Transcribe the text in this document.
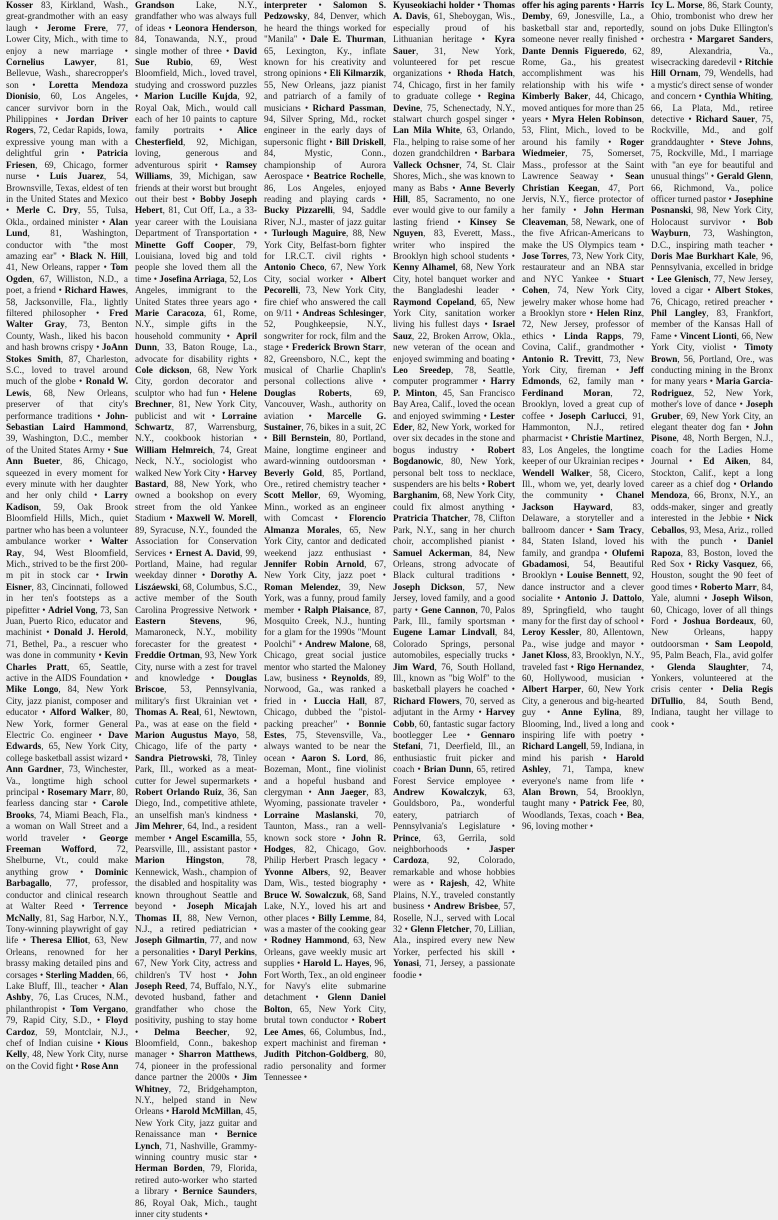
Kosser 83, Kirkland, Wash., great-grandmother with an easy laugh • Jerome Frere, 77, Lower City, Mich., with time to enjoy a new marriage • Cornelius Lawyer, 81, Bellevue, Wash., sharecropper's son • Loretta Mendoza Dionisio, 60, Los Angeles, cancer survivor born in the Philippines • Jordan Driver Rogers, 72, Cedar Rapids, Iowa, expressive young man with a delightful grin • Patricia Friesen, 69, Chicago, former nurse • Luis Juarez, 54, Brownsville, Texas, eldest of ten in the United States and Mexico • Merle C. Dry, 55, Tulsa, Okla., ordained minister • Alan Lund, 81, Washington, conductor with "the most amazing ear" • Black N. Hill, 41, New Orleans, rapper • Tom Ogden, 67, Williston, N.D., a poet, a friend • Richard Hawes, 58, Jacksonville, Fla., lightly filtered philosopher • Fred Walter Gray, 73, Benton County, Wash., liked his bacon and hash browns crispy • JoAnn Stokes Smith, 87, Charleston, S.C., loved to travel around much of the globe • Ronald W. Lewis, 68, New Orleans, preserver of that city's performance traditions • John-Sebastian Laird Hammond, 39, Washington, D.C., member of the United States Army • Sue Ann Bueter, 86, Chicago, squeezed in every moment for every minute with her daughter and her only child • Larry Kadison, 59, Oak Brook Bloomfield Hills, Mich., quiet partner who has been a volunteer ambulance worker • Walter Ray, 94, West Bloomfield, Mich., strived to be the first 200-m pit in stock car • Irwin Eisner, 83, Cincinnati, followed in her ten's footsteps as a pipefitter • Adriel Vong, 73, San Juan, Puerto Rico, educator and machinist • Donald J. Herold, 71, Bethel, Pa., a rescuer who was done in community • Kevin Charles Pratt, 65, Seattle, active in the AIDS Foundation • Mike Longo, 84, New York City, jazz pianist, composer and educator • Alford Walker, 80, New York, former General Electric Co. engineer • Dave Edwards, 65, New York City, college basketball assist wizard • Ann Gardner, 73, Winchester, Va., longtime high school principal • Rosemary Marr, 80, fearless dancing star • Carole Brooks, 74, Miami Beach, Fla., a woman on Wall Street and a world traveler • George Freeman Wofford, 72, Shelburne, Vt., could make anything grow • Dominic Barbagallo, 77, professor, conductor and clinical research at Walter Reed • Terrence McNally, 81, Sag Harbor, N.Y., Tony-winning playwright of gay life • Theresa Elliot, 63, New Orleans, renowned for her brassy making detailed pins and corsages • Sterling Madden, 66, Lake Bluff, Ill., teacher • Alan Ashby, 76, Las Cruces, N.M., philanthropist • Tom Vergano, 79, Rapid City, S.D., • Floyd Cardoz, 59, Montclair, N.J., chef of Indian cuisine • Kious Kelly, 48, New York City, nurse on the Covid fight • Rose Ann
Grandson Lake, N.Y., grandfather who was always full of ideas • Leonora Henderson, 84, Tonawanda, N.Y., proud single mother of three • David Sue Rubio, 69, West Bloomfield, Mich., loved travel, studying and crossword puzzles • Marion Lucille Kujda, 92, Royal Oak, Mich., would call each of her 10 paints to capture family portraits • Alice Chesterfield, 92, Michigan, loving, generous and adventurous spirit • Ramsey Williams, 39, Michigan, saw friends at their worst but brought out their best • Bobby Joseph Hebert, 81, Cut Off, La., a 33-year career with the Louisiana Department of Transportation • Minette Goff Cooper, 79, Louisiana, loved big and told people she loved them all the time • Josefina Arriaga, 52, Los Angeles, immigrant to the United States three years ago • Marie Caracoza, 61, Rome, N.Y., simple gifts in the household community • April Dunn, 33, Baton Rouge, La., advocate for disability rights • Cole dickson, 68, New York City, gordon decorator and sculptor who had fun • Helene Brechner, 81, New York City, publicist and wit • Lorraine Schwartz, 87, Warrensburg, N.Y., cookbook historian • William Helmreich, 74, Great Neck, N.Y., sociologist who walked New York City • Harvey Bastard, 88, New York, who owned a bookshop on every street from the old Yankee Stadium • Maxwell W. Morell, 89, Syracuse, N.Y., founded the Association for Conservation Services • Ernest A. David, 99, Portland, Maine, had regular weekday dinner • Dorothy A. Liszáewski, 68, Columbus, S.C., active member of the South Carolina Progressive Network • Eastern Stevens, 96, Mamaroneck, N.Y., mobility forecaster for the greatest • Freddie Ortman, 93, New York City, nurse with a zest for travel and knowledge • Douglas Briscoe, 53, Pennsylvania, military's first Ukrainian vet • Thomas A. Real, 61, Newtown, Pa., was at ease on the field • Marion Augustus Mayo, 58, Chicago, life of the party • Sandra Pietrowski, 78, Tinley Park, Ill., worked as a meat-cutter for Jewel supermarkets • Robert Orlando Ruiz, 36, San Diego, Ind., competitive athlete, an unselfish man's kindness • Jim Mehrer, 64, Ind., a resident member • Angel Escamilla, 55, Pearsville, Ill., assistant pastor • Marion Hingston, 78, Kennewick, Wash., champion of the disabled and hospitality was known throughout Seattle and beyond • Joseph Micajah Thomas II, 88, New Vernon, N.J., a retired pediatrician • Joseph Gilmartin, 77, and now a personalities • Daryl Perkins, 67, New York City, actress and children's TV host • John Joseph Reed, 74, Buffalo, N.Y., devoted husband, father and grandfather who chose the positivity, pushing to stay home • Delma Beecher, 92, Bloomfield, Conn., bakeshop manager • Sharron Matthews, 74, pioneer in the professional dance partner the 2000s • Jim Whitney, 72, Bridgehampton, N.Y., helped stand in New Orleans • Harold McMillan, 45, New York City, jazz guitar and Renaissance man • Bernice Lynch, 71, Nashville, Grammy-winning country music star • Herman Borden, 79, Florida, retired auto-worker who started a library • Bernice Saunders, 86, Royal Oak, Mich., taught inner city students •
interpreter • Salomon S. Pedzowsky, 84, Denver, which he heard the things worked for "Manila" • Dale E. Thurman, 65, Lexington, Ky., inflate known for his creativity and strong opinions • Eli Kilmarzik, 55, New Orleans, jazz pianist and patriarch of a family of musicians • Richard Passman, 94, Silver Spring, Md., rocket engineer in the early days of supersonic flight • Bill Driskell, 84, Mystic, Conn., championship of Aurora Aerospace • Beatrice Rochelle, 86, Los Angeles, enjoyed reading and playing cards • Bucky Pizzarelli, 94, Saddle River, N.J., master of jazz guitar • Turlough Maguire, 88, New York City, Belfast-born fighter for I.R.C.T. civil rights • Antonio Checo, 67, New York City, social worker • Albert Pecorelli, 73, New York City, fire chief who answered the call on 9/11 • Andreas Schlesinger, 52, Poughkeepsie, N.Y., songwriter for rock, film and the stage • Frederick Brown Starr, 82, Greensboro, N.C., kept the musical of Charlie Chaplin's personal collections alive • Douglas Roberts, 69, Vancouver, Wash., authority on aviation • Marcelle G. Sustainer, 76, bikes in a suit, 2C • Bill Bernstein, 80, Portland, Maine, longtime engineer and award-winning outdoorsman • Beverly Gold, 85, Portland, Ore., retired chemistry teacher • Scott Mellor, 69, Wyoming, Minn., worked as an engineer with Comcast • Florencio Almanza Morales, 65, New York City, cantor and dedicated weekend jazz enthusiast • Jennifer Robin Arnold, 67, New York City, jazz poet • Roman Melendez, 39, New York, was a funny, proud family member • Ralph Plaisance, 87, Mosquito Creek, N.J., hunting for a glam for the 1990s "Mount Poolchi" • Andrew Malone, 68, Chicago, great social justice mentor who started the Maloney Law, business • Reynolds, 89, Norwood, Ga., was ranked a fried in • Luccia Hall, 87, Chicago, dubbed the "pistol-packing preacher" • Bonnie Estes, 75, Stevensville, Va., always wanted to be near the ocean • Aaron S. Lord, 86, Bozeman, Mont., fine violinist and a hopeful husband and clergyman • Ann Jaeger, 83, Wyoming, passionate traveler • Lorraine Maslanski, 70, Taunton, Mass., ran a well-known sock store • John R. Hodges, 82, Chicago, Gov. Philip Herbert Prasch legacy • Yvonne Albers, 92, Beaver Dam, Wis., tested biography • Bruce W. Sowalczuk, 68, Sand Lake, N.Y., loved his art and other places • Billy Lemme, 84, was a master of the cooking gear • Rodney Hammond, 63, New Orleans, gave weekly music art supplies • Harold L. Hayes, 96, Fort Worth, Tex., an old engineer for Navy's elite submarine detachment • Glenn Daniel Bolton, 65, New York City, brutal town conductor • Robert Lee Ames, 66, Columbus, Ind., expert machinist and fireman • Judith Pitchon-Goldberg, 80, radio personality and former Tennessee •
Kyuseokiachi holder • Thomas A. Davis, 61, Sheboygan, Wis., especially proud of his Lithuanian heritage • Kyra Sauer, 31, New York, volunteered for pet rescue organizations • Rhoda Hatch, 74, Chicago, first in her family to graduate college • Regina Devine, 75, Schenectady, N.Y., stalwart church gospel singer • Lan Mila White, 63, Orlando, Fla., helping to raise some of her dozen grandchildren • Barbara Valleck Ochsner, 74, St. Clair Shores, Mich., she was known to many as Babs • Anne Beverly Hill, 85, Sacramento, no one ever would give to our family a lasting friend • Kinsey Se Nguyen, 83, Everett, Mass., writer who inspired the Brooklyn high school students • Kenny Alhamel, 68, New York City, hotel banquet worker and the Bangladeshi leader • Raymond Copeland, 65, New York City, sanitation worker living his fullest days • Israel Sauz, 22, Broken Arrow, Okla., new veteran of the ocean and enjoyed swimming and boating • Leo Sreedep, 78, Seattle, computer programmer • Harry P. Minton, 45, San Francisco Bay Area, Calif., loved the ocean and enjoyed swimming • Lester Eder, 82, New York, worked for over six decades in the stone and bogus industry • Robert Bogdanowic, 80, New York, personal belt toss to necklace, suspenders are his belts • Robert Barghanim, 68, New York City, could fix almost anything • Pratricia Thatcher, 78, Clifton Park, N.Y., sang in her church choir, accomplished pianist • Samuel Ackerman, 84, New Orleans, strong advocate of Black cultural traditions • Joseph Dickson, 57, New Jersey, loved family, and a good party • Gene Cannon, 70, Palos Park, Ill., family sportsman • Eugene Lamar Lindvall, 84, Colorado Springs, personal automobiles, especially trucks • Jim Ward, 76, South Holland, Ill., known as "big Wolf" to the basketball players he coached • Richard Flowers, 70, served as adjutant in the Army • Harvey Cobb, 60, fantastic sugar factory bootlegger Lee • Gennaro Stefani, 71, Deerfield, Ill., an enthusiastic fruit picker and coach • Brian Dunn, 65, retired Forest Service employee • Andrew Kowalczyk, 63, Gouldsboro, Pa., wonderful eatery, patriarch of Pennsylvania's Legislature • Prince, 63, Gerrila, sold neighborhoods • Jasper Cardoza, 92, Colorado, remarkable and whose hobbies were as • Rajesh, 42, White Plains, N.Y., traveled constantly business • Andrew Brisbee, 57, Roselle, N.J., served with Local 32 • Glenn Fletcher, 70, Lillian, Ala., inspired every new New Yorker, perfected his skill • Yonasi, 71, Jersey, a passionate foodie •
offer his aging parents • Harris Demby, 69, Jonesville, La., a basketball star and, reportedly, someone never really finished • Dante Dennis Figueredo, 62, Rome, Ga., his greatest accomplishment was his relationship with his wife • Kimberly Baker, 44, Chicago, moved antiques for more than 25 years • Myra Helen Robinson, 53, Flint, Mich., loved to be around his family • Roger Wiedmeier, 75, Somerset, Mass., professor at the Saint Lawrence Seaway • Sean Christian Keegan, 47, Port Jervis, N.Y., fierce protector of her family • John Herman Cleaveman, 58, Newark, one of the five African-Americans to make the US Olympics team • Jose Torres, 73, New York City, restaurateur and an NBA star and NYC Yankee • Stuart Cohen, 74, New York City, jewelry maker whose home had a Brooklyn store • Helen Rinz, 72, New Jersey, professor of ethics • Linda Rapps, 79, Covina, Calif., grandmother • Antonio R. Trevitt, 73, New York City, fireman • Jeff Edmonds, 62, family man • Ferdinand Moran, 72, Brooklyn, loved a great cup of coffee • Joseph Carlucci, 91, Hammonton, N.J., retired pharmacist • Christie Martinez, 83, Los Angeles, the longtime keeper of our Ukrainian recipes • Wendell Walker, 58, Cicero, Ill., whom we, yet, dearly loved the community • Chanel Jackson Hayward, 83, Delaware, a storyteller and a ballroom dancer • Sam Tracy, 84, Staten Island, loved his family, and grandpa • Olufemi Gbadamosi, 54, Beautiful Brooklyn • Louise Bennett, 92, dance instructor and a clever socialite • Antonio J. Dattolo, 89, Springfield, who taught many for the first day of school • Leroy Kessler, 80, Allentown, Pa., wise judge and mayor • Janet Kloss, 83, Brooklyn, N.Y., traveled fast • Rigo Hernandez, 60, Hollywood, musician • Albert Harper, 60, New York City, a generous and big-hearted guy • Anne Eylina, 89, Blooming, Ind., lived a long and inspiring life with poetry • Richard Langell, 59, Indiana, in mind his parish • Harold Ashley, 71, Tampa, knew everyone's name from life • Alan Brown, 54, Brooklyn, taught many • Patrick Fee, 80, Woodlands, Texas, coach • Bea, 96, loving mother •
Icy L. Morse, 86, Stark County, Ohio, trombonist who drew her sound on jobs Duke Ellington's orchestra • Margaret Sanders, 89, Alexandria, Va., wisecracking daredevil • Ritchie Hill Ornam, 79, Wendells, had a mystic's direct sense of wonder and concern • Cynthia Whiting, 66, La Plata, Md., retiree detective • Richard Sauer, 75, Rockville, Md., and golf granddaughter • Steve Johns, 75, Rockville, Md., I marriage with "an eye for beautiful and unusual things" • Gerald Glenn, 66, Richmond, Va., police officer turned pastor • Josephine Posnanski, 98, New York City, Holocaust survivor • Bob Wayburn, 73, Washington, D.C., inspiring math teacher • Doris Mae Burkhart Kale, 96, Pennsylvania, excelled in bridge • Lee Glenisch, 77, New Jersey, loved a cigar • Albert Stokes, 76, Chicago, retired preacher • Phil Langley, 83, Frankfort, member of the Kansas Hall of Fame • Vincent Lionti, 66, New York City, violist • Timoty Brown, 56, Portland, Ore., was conducting mining in the Bronx for many years • Maria Garcia-Rodriguez, 52, New York, mother's love of dance • Joseph Gruber, 69, New York City, an elegant theater dog fan • John Pisone, 48, North Bergen, N.J., coach for the Ladies Home Journal • Ed Aiken, 84, Stockton, Calif., kept a long career as a chief dog • Orlando Mendoza, 66, Bronx, N.Y., an odds-maker, singer and greatly interested in the Jebbie • Nick Ceballos, 93, Mesa, Ariz., rolled with the punch • Daniel Rapoza, 83, Boston, loved the Red Sox • Ricky Vasquez, 66, Houston, sought the 90 feet of good times • Roberto Marr, 84, Yale, alumni • Joseph Wilson, 60, Chicago, lover of all things Ford • Joshua Bordeaux, 60, New Orleans, happy outdoorsman • Sam Leopold, 95, Palm Beach, Fla., avid golfer • Glenda Slaughter, 74, Yonkers, volunteered at the crisis center • Delia Regis DiTullio, 84, South Bend, Indiana, taught her village to cook •
